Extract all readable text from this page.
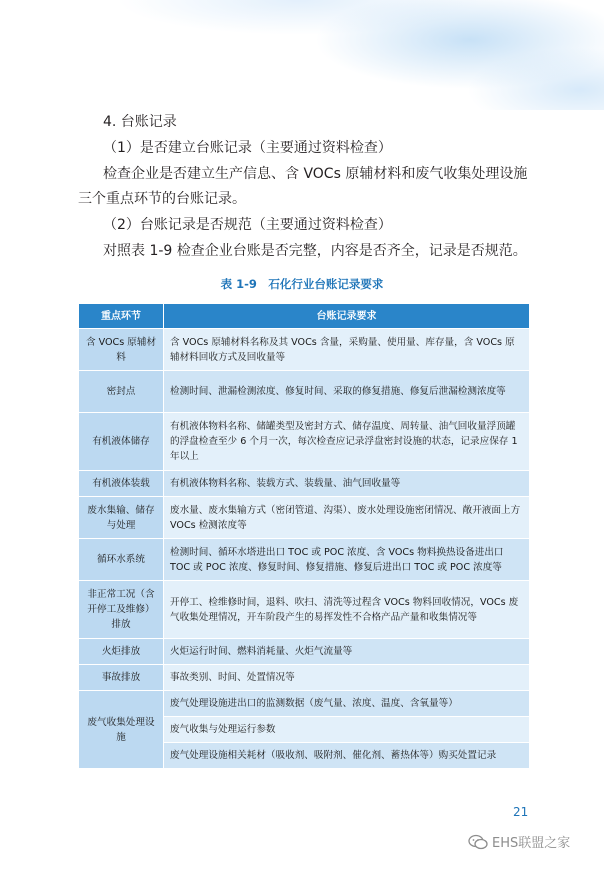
4. 台账记录
（1）是否建立台账记录（主要通过资料检查）
检查企业是否建立生产信息、含 VOCs 原辅材料和废气收集处理设施
三个重点环节的台账记录。
（2）台账记录是否规范（主要通过资料检查）
对照表 1-9 检查企业台账是否完整，内容是否齐全，记录是否规范。
表 1-9　石化行业台账记录要求
重点环节	台账记录要求
含 VOCs 原辅材料	含 VOCs 原辅材料名称及其 VOCs 含量，采购量、使用量、库存量，含 VOCs 原辅材料回收方式及回收量等
密封点	检测时间、泄漏检测浓度、修复时间、采取的修复措施、修复后泄漏检测浓度等
有机液体储存	有机液体物料名称、储罐类型及密封方式、储存温度、周转量、油气回收量浮顶罐的浮盘检查至少 6 个月一次，每次检查应记录浮盘密封设施的状态，记录应保存 1 年以上
有机液体装载	有机液体物料名称、装载方式、装载量、油气回收量等
废水集输、储存与处理	废水量、废水集输方式（密闭管道、沟渠）、废水处理设施密闭情况、敞开液面上方 VOCs 检测浓度等
循环水系统	检测时间、循环水塔进出口 TOC 或 POC 浓度、含 VOCs 物料换热设备进出口 TOC 或 POC 浓度、修复时间、修复措施、修复后进出口 TOC 或 POC 浓度等
非正常工况（含开停工及维修）排放	开停工、检维修时间，退料、吹扫、清洗等过程含 VOCs 物料回收情况，VOCs 废气收集处理情况，开车阶段产生的易挥发性不合格产品产量和收集情况等
火炬排放	火炬运行时间、燃料消耗量、火炬气流量等
事故排放	事故类别、时间、处置情况等
废气收集处理设施	废气处理设施进出口的监测数据（废气量、浓度、温度、含氧量等）
	废气收集与处理运行参数
	废气处理设施相关耗材（吸收剂、吸附剂、催化剂、蓄热体等）购买处置记录
21
EHS联盟之家
